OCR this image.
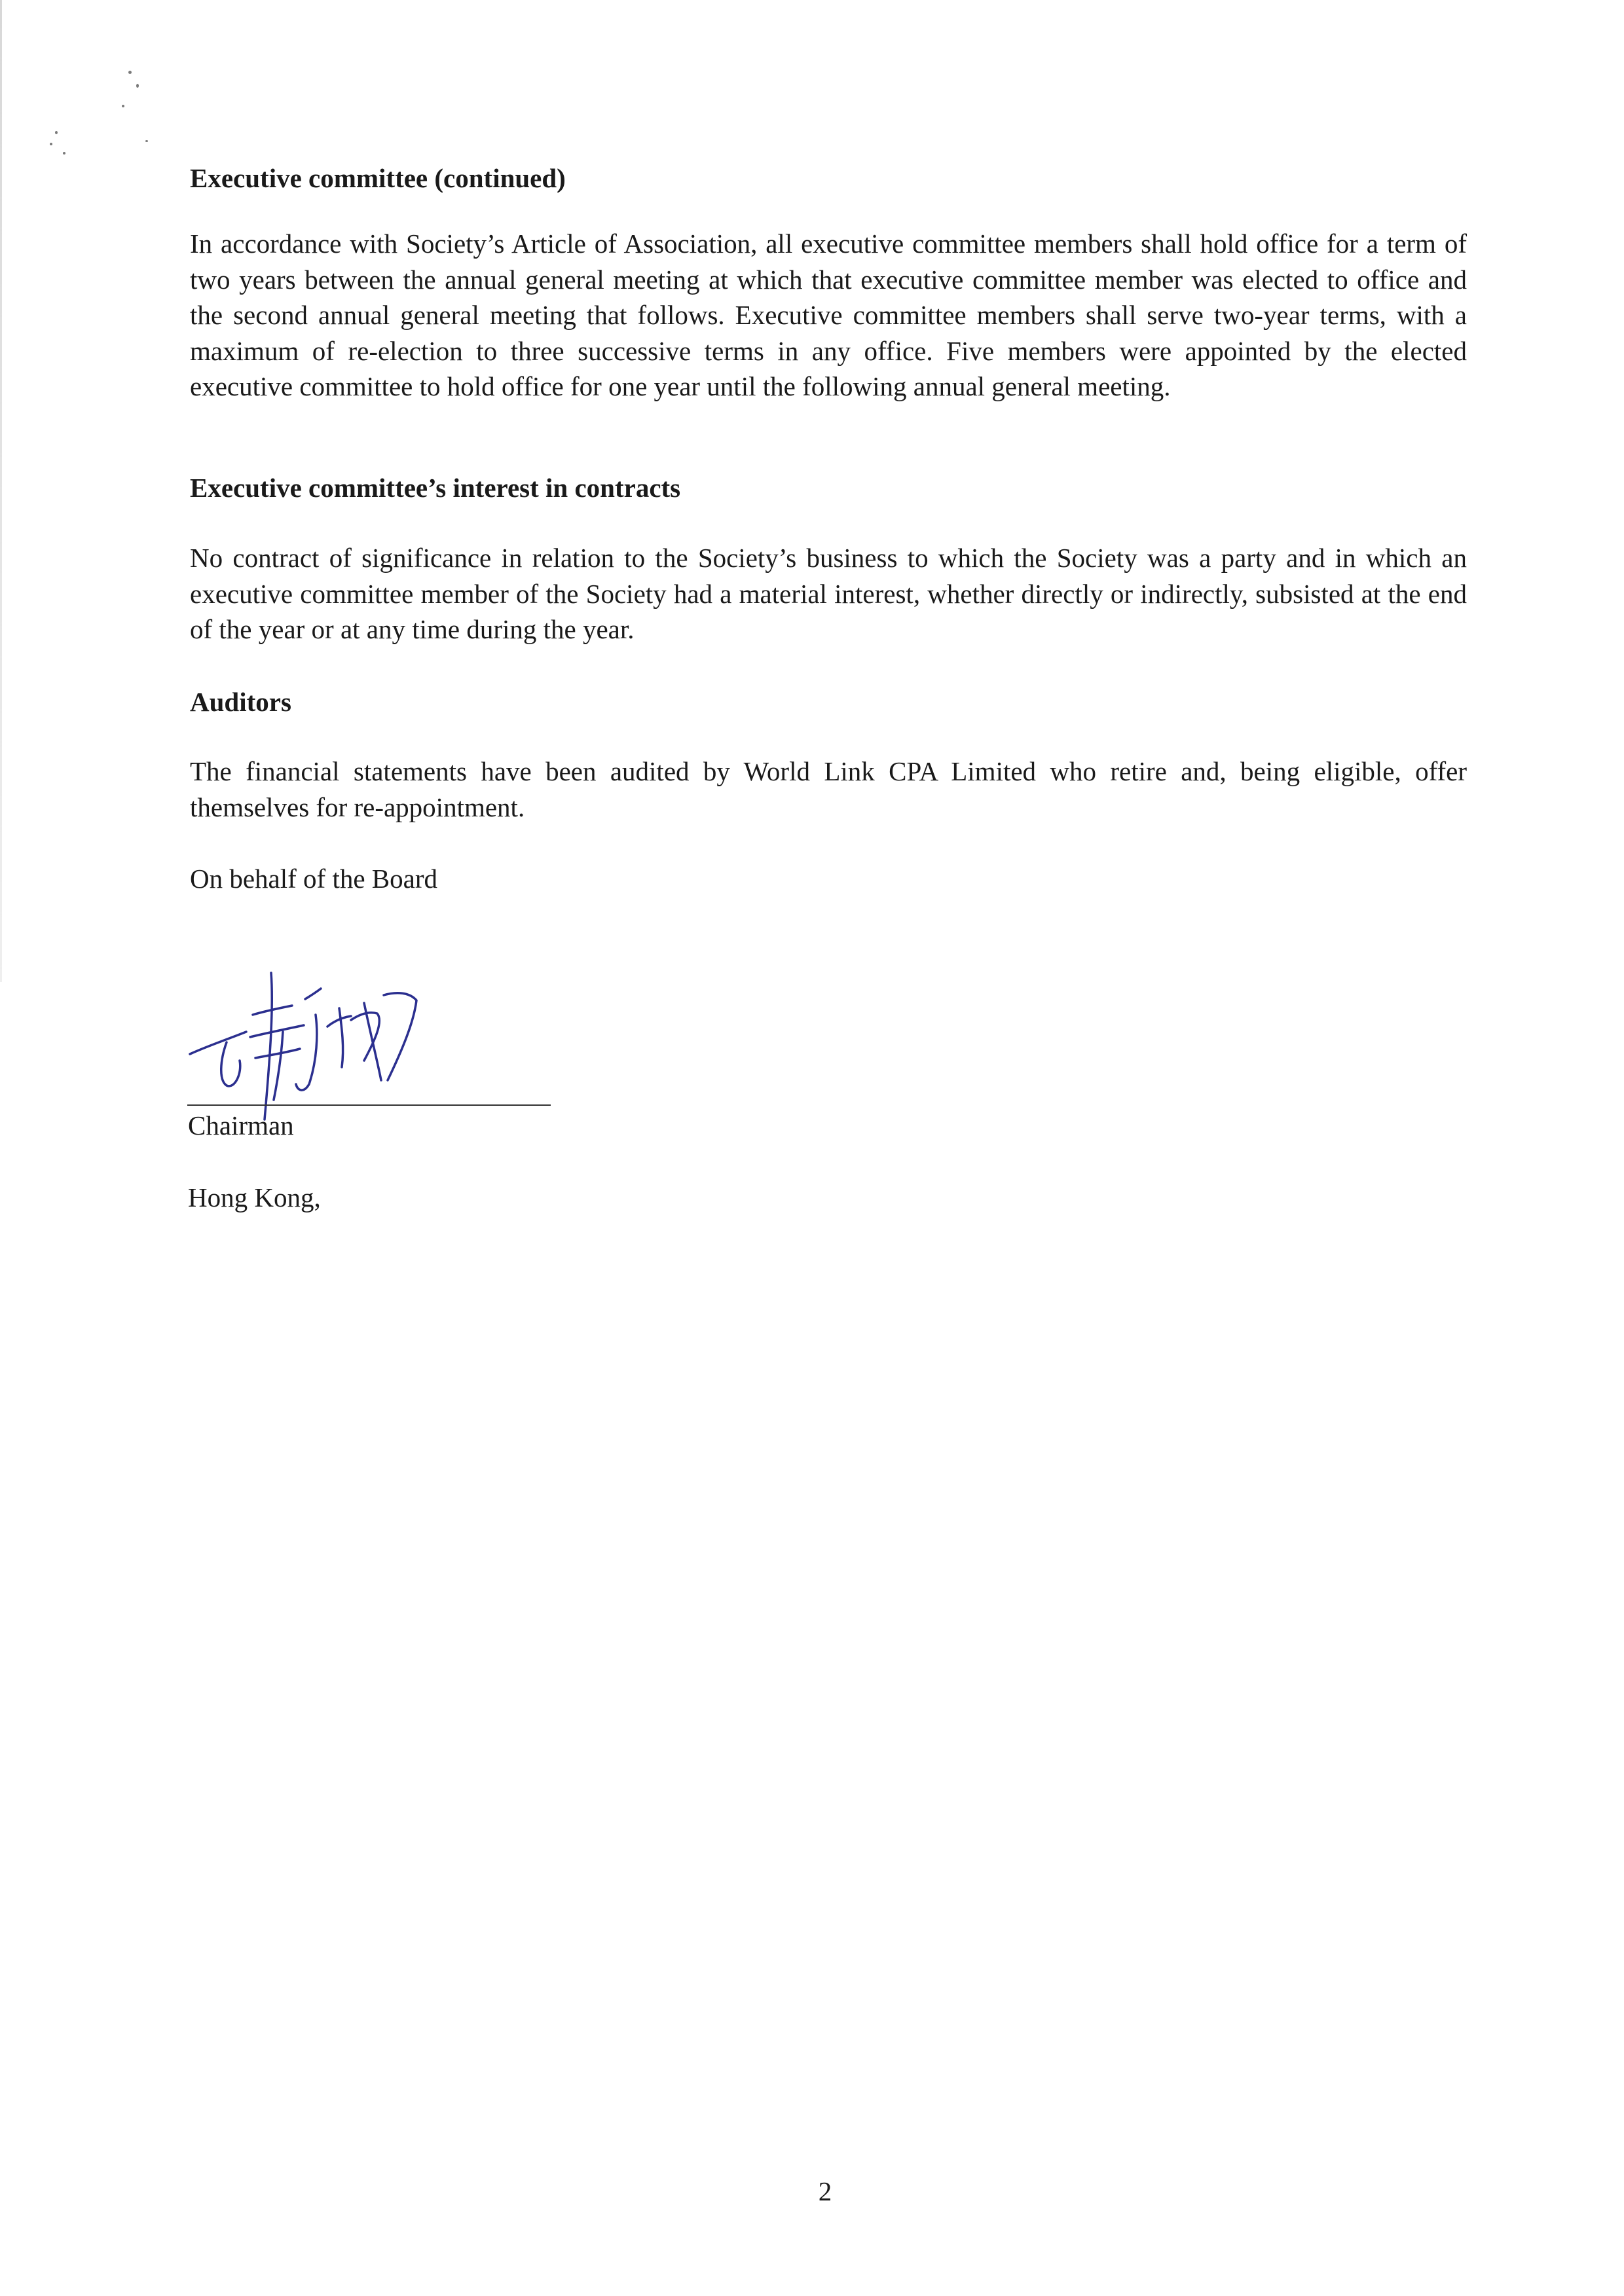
Executive committee (continued)

In accordance with Society’s Article of Association, all executive committee members shall hold office for a term of two years between the annual general meeting at which that executive committee member was elected to office and the second annual general meeting that follows. Executive committee members shall serve two-year terms, with a maximum of re-election to three successive terms in any office. Five members were appointed by the elected executive committee to hold office for one year until the following annual general meeting.

Executive committee’s interest in contracts

No contract of significance in relation to the Society’s business to which the Society was a party and in which an executive committee member of the Society had a material interest, whether directly or indirectly, subsisted at the end of the year or at any time during the year.

Auditors

The financial statements have been audited by World Link CPA Limited who retire and, being eligible, offer themselves for re-appointment.

On behalf of the Board

Chairman

Hong Kong,

2
